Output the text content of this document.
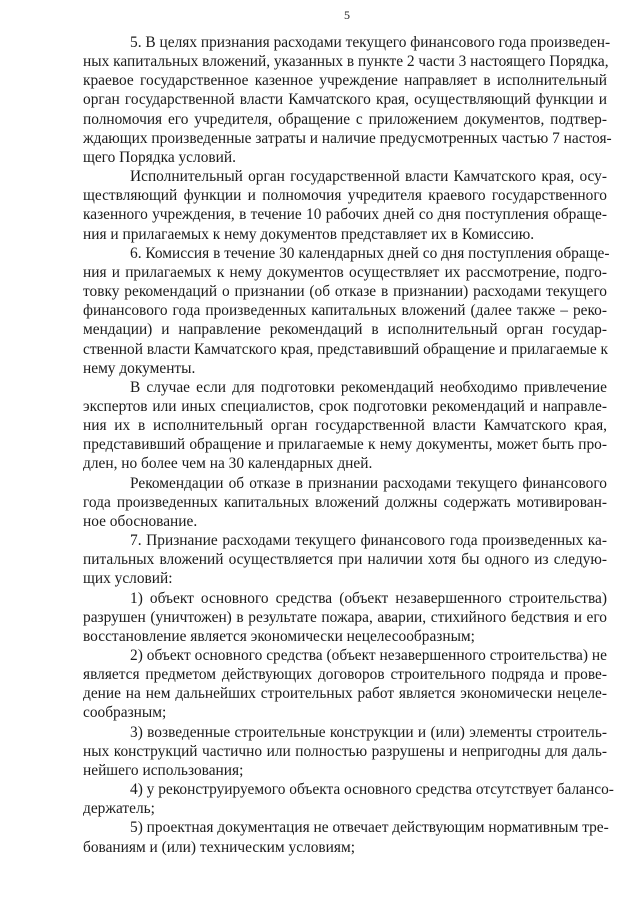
5
5. В целях признания расходами текущего финансового года произведен-
ных капитальных вложений, указанных в пункте 2 части 3 настоящего Порядка,
краевое государственное казенное учреждение направляет в исполнительный
орган государственной власти Камчатского края, осуществляющий функции и
полномочия его учредителя, обращение с приложением документов, подтвер-
ждающих произведенные затраты и наличие предусмотренных частью 7 настоя-
щего Порядка условий.
Исполнительный орган государственной власти Камчатского края, осу-
ществляющий функции и полномочия учредителя краевого государственного
казенного учреждения, в течение 10 рабочих дней со дня поступления обраще-
ния и прилагаемых к нему документов представляет их в Комиссию.
6. Комиссия в течение 30 календарных дней со дня поступления обраще-
ния и прилагаемых к нему документов осуществляет их рассмотрение, подго-
товку рекомендаций о признании (об отказе в признании) расходами текущего
финансового года произведенных капитальных вложений (далее также – реко-
мендации) и направление рекомендаций в исполнительный орган государ-
ственной власти Камчатского края, представивший обращение и прилагаемые к
нему документы.
В случае если для подготовки рекомендаций необходимо привлечение
экспертов или иных специалистов, срок подготовки рекомендаций и направле-
ния их в исполнительный орган государственной власти Камчатского края,
представивший обращение и прилагаемые к нему документы, может быть про-
длен, но более чем на 30 календарных дней.
Рекомендации об отказе в признании расходами текущего финансового
года произведенных капитальных вложений должны содержать мотивирован-
ное обоснование.
7. Признание расходами текущего финансового года произведенных ка-
питальных вложений осуществляется при наличии хотя бы одного из следую-
щих условий:
1) объект основного средства (объект незавершенного строительства)
разрушен (уничтожен) в результате пожара, аварии, стихийного бедствия и его
восстановление является экономически нецелесообразным;
2) объект основного средства (объект незавершенного строительства) не
является предметом действующих договоров строительного подряда и прове-
дение на нем дальнейших строительных работ является экономически нецеле-
сообразным;
3) возведенные строительные конструкции и (или) элементы строитель-
ных конструкций частично или полностью разрушены и непригодны для даль-
нейшего использования;
4) у реконструируемого объекта основного средства отсутствует балансо-
держатель;
5) проектная документация не отвечает действующим нормативным тре-
бованиям и (или) техническим условиям;
